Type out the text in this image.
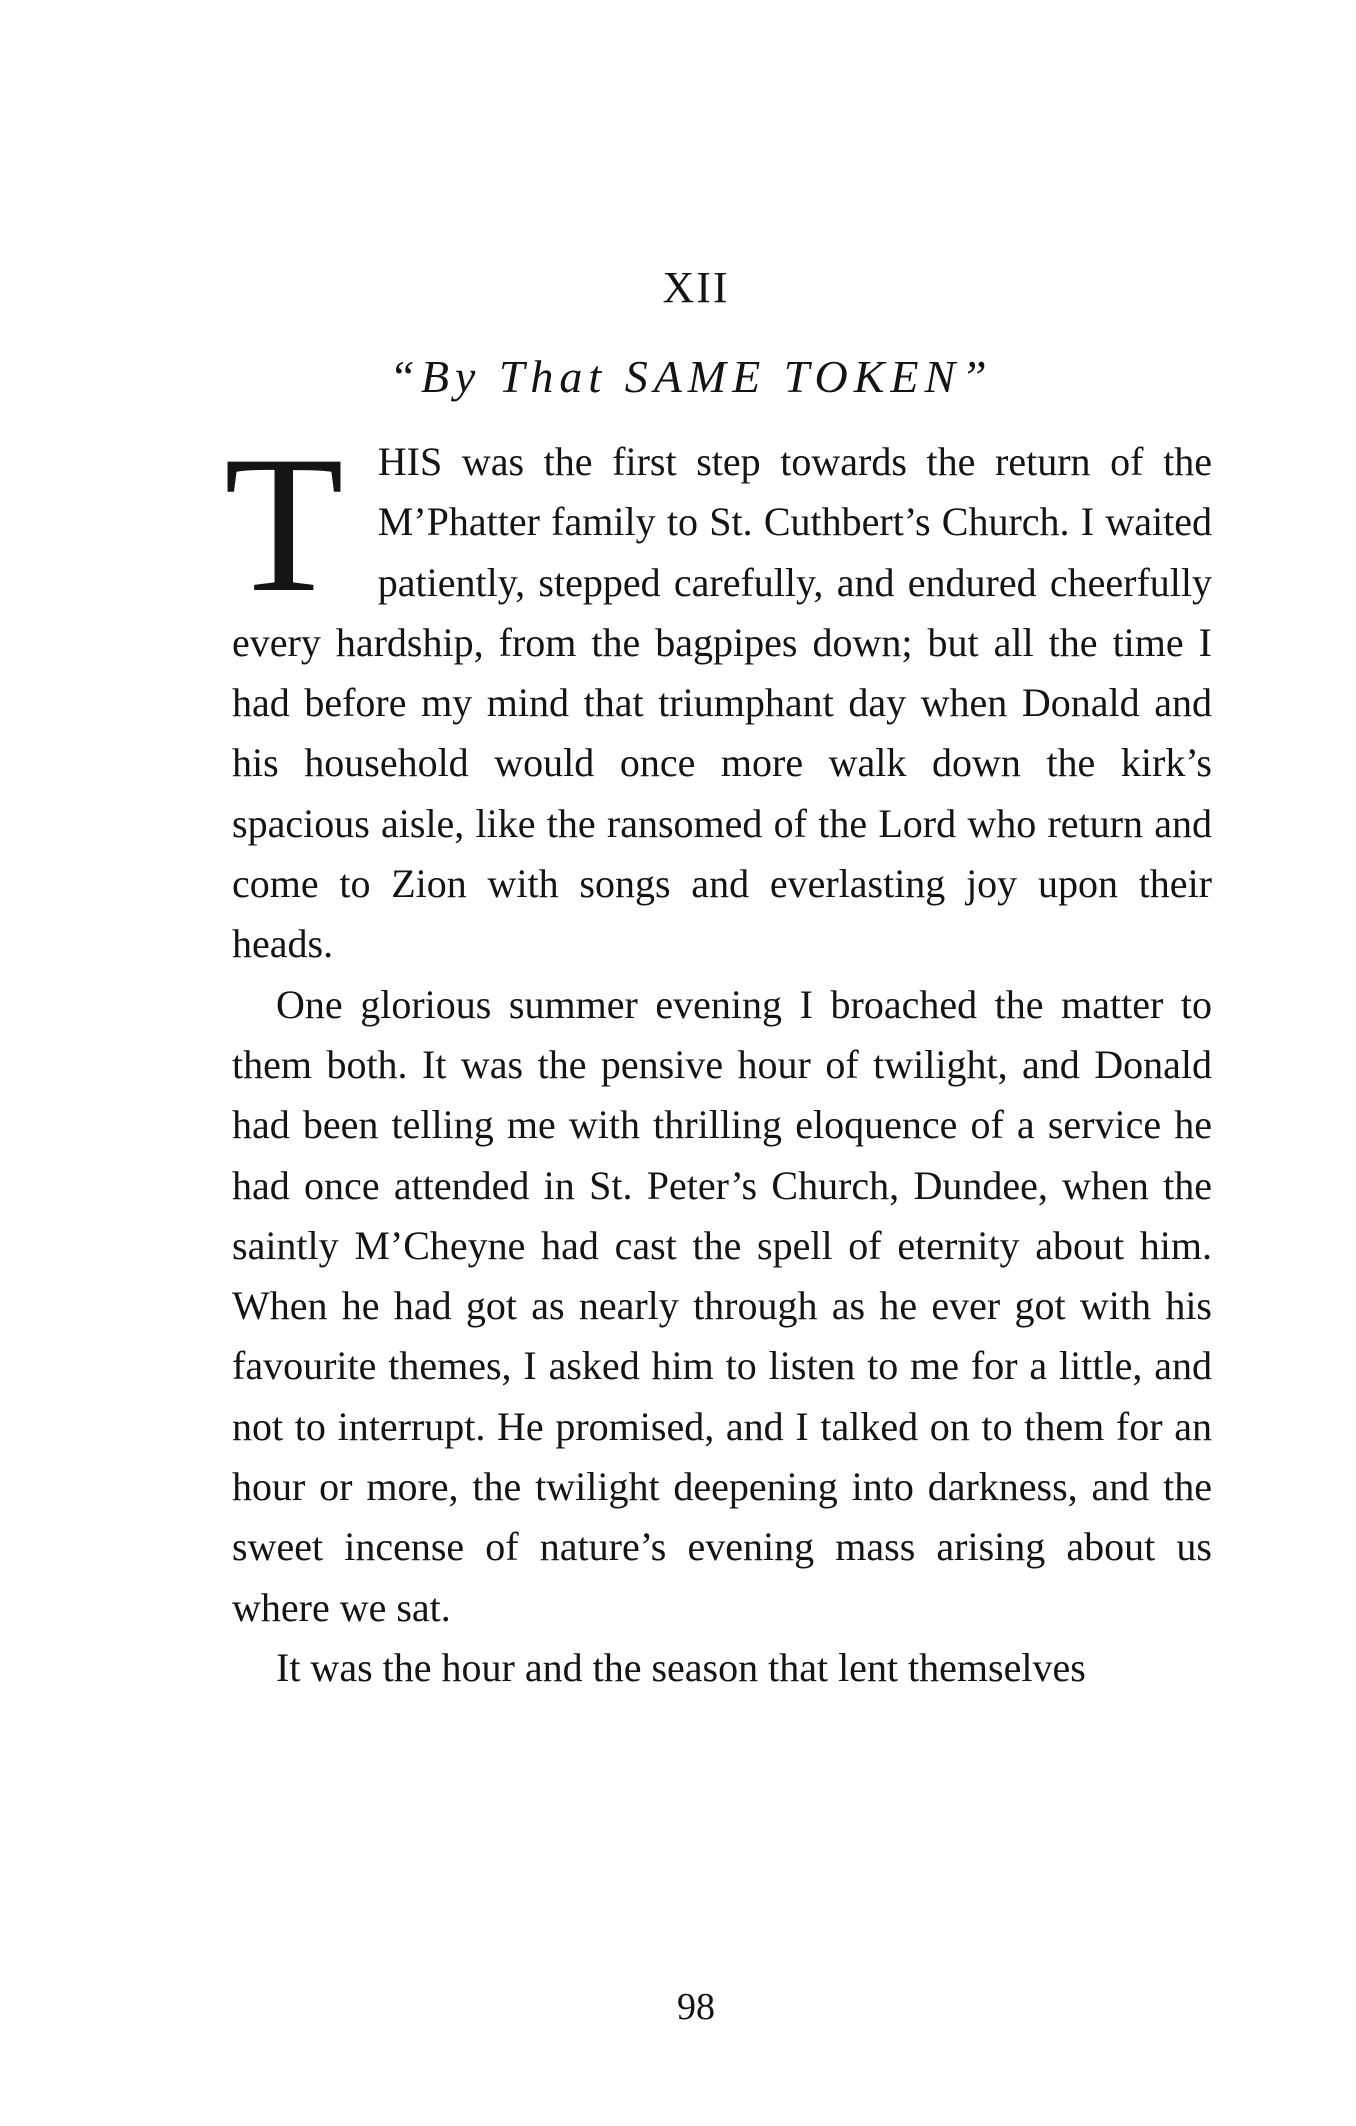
XII
“By That SAME TOKEN”

THIS was the first step towards the return of the M’Phatter family to St. Cuthbert’s Church. I waited patiently, stepped carefully, and endured cheerfully every hardship, from the bagpipes down; but all the time I had before my mind that triumphant day when Donald and his household would once more walk down the kirk’s spacious aisle, like the ransomed of the Lord who return and come to Zion with songs and everlasting joy upon their heads.

One glorious summer evening I broached the matter to them both. It was the pensive hour of twilight, and Donald had been telling me with thrilling eloquence of a service he had once attended in St. Peter’s Church, Dundee, when the saintly M’Cheyne had cast the spell of eternity about him. When he had got as nearly through as he ever got with his favourite themes, I asked him to listen to me for a little, and not to interrupt. He promised, and I talked on to them for an hour or more, the twilight deepening into darkness, and the sweet incense of nature’s evening mass arising about us where we sat.

It was the hour and the season that lent themselves

98
